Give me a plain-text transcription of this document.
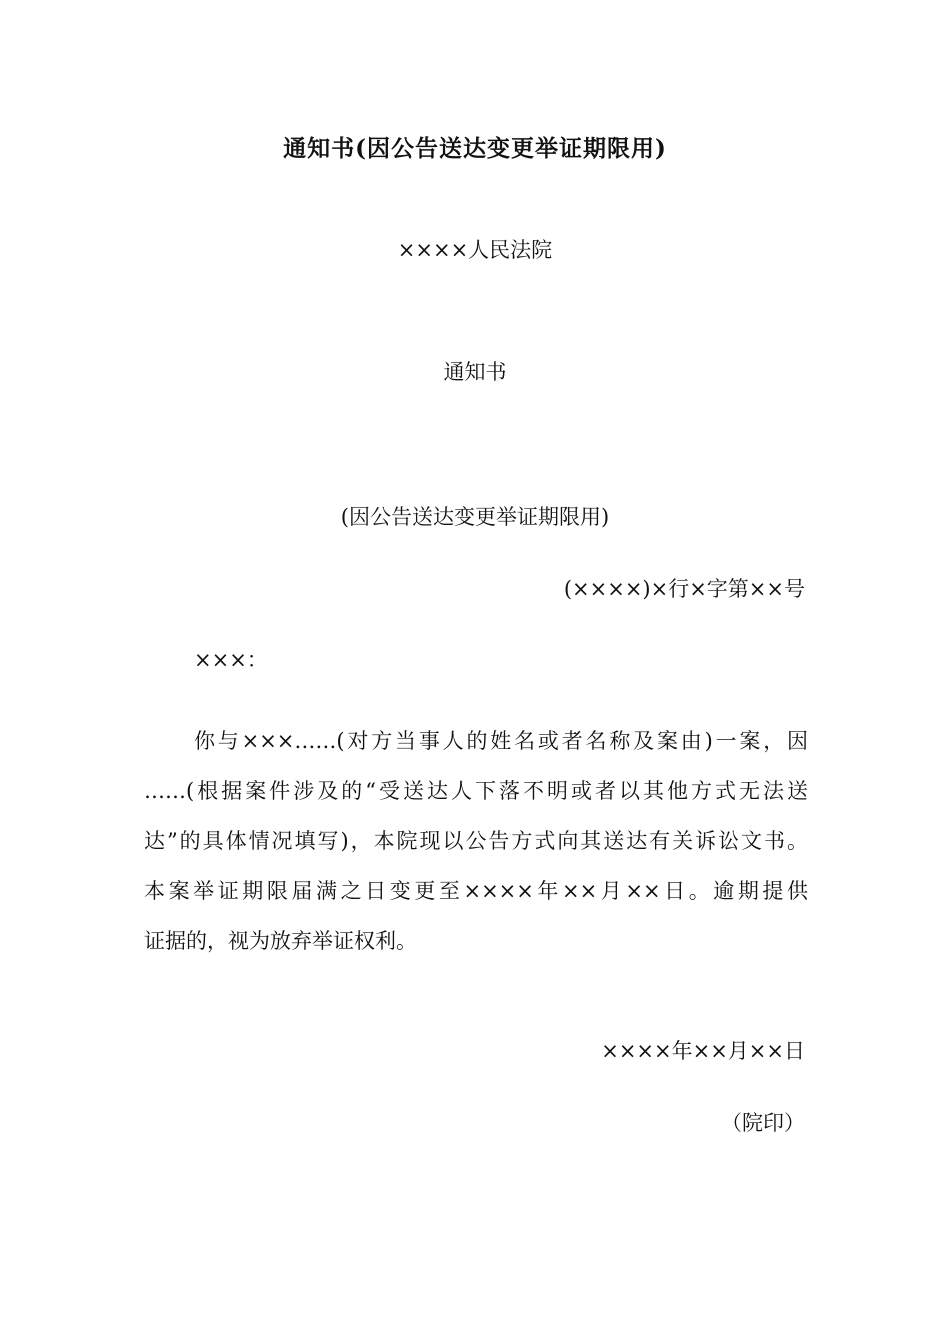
通知书(因公告送达变更举证期限用)
××××人民法院
通知书
(因公告送达变更举证期限用)
(××××)×行×字第××号
×××：
你与×××……(对方当事人的姓名或者名称及案由)一案，因
……(根据案件涉及的“受送达人下落不明或者以其他方式无法送
达”的具体情况填写)，本院现以公告方式向其送达有关诉讼文书。
本案举证期限届满之日变更至××××年××月××日。逾期提供
证据的，视为放弃举证权利。
××××年××月××日
（院印）
